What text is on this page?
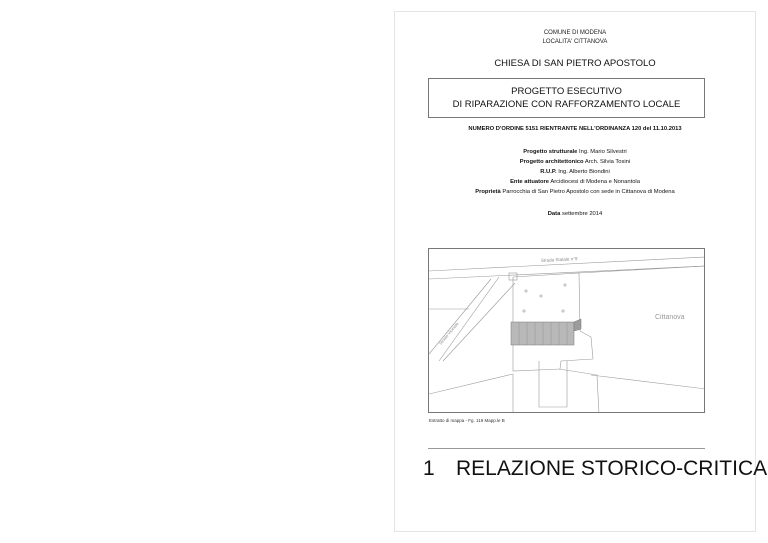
COMUNE DI MODENA
LOCALITA' CITTANOVA
CHIESA DI SAN PIETRO APOSTOLO
PROGETTO ESECUTIVO
DI RIPARAZIONE CON RAFFORZAMENTO LOCALE
NUMERO D'ORDINE 5151 RIENTRANTE NELL'ORDINANZA 120 del 11.10.2013
Progetto strutturale Ing. Mario Silvestri
Progetto architettonico Arch. Silvia Tosini
R.U.P. Ing. Alberto Biondini
Ente attuatore Arcidiocesi di Modena e Nonantola
Proprietà Parrocchia di San Pietro Apostolo con sede in Cittanova di Modena
Data settembre 2014
Strada Statale n°9
Strada Viciniale
Cittanova
Estratto di mappa - Fg. 119 Mapp.le B
1 RELAZIONE STORICO-CRITICA
